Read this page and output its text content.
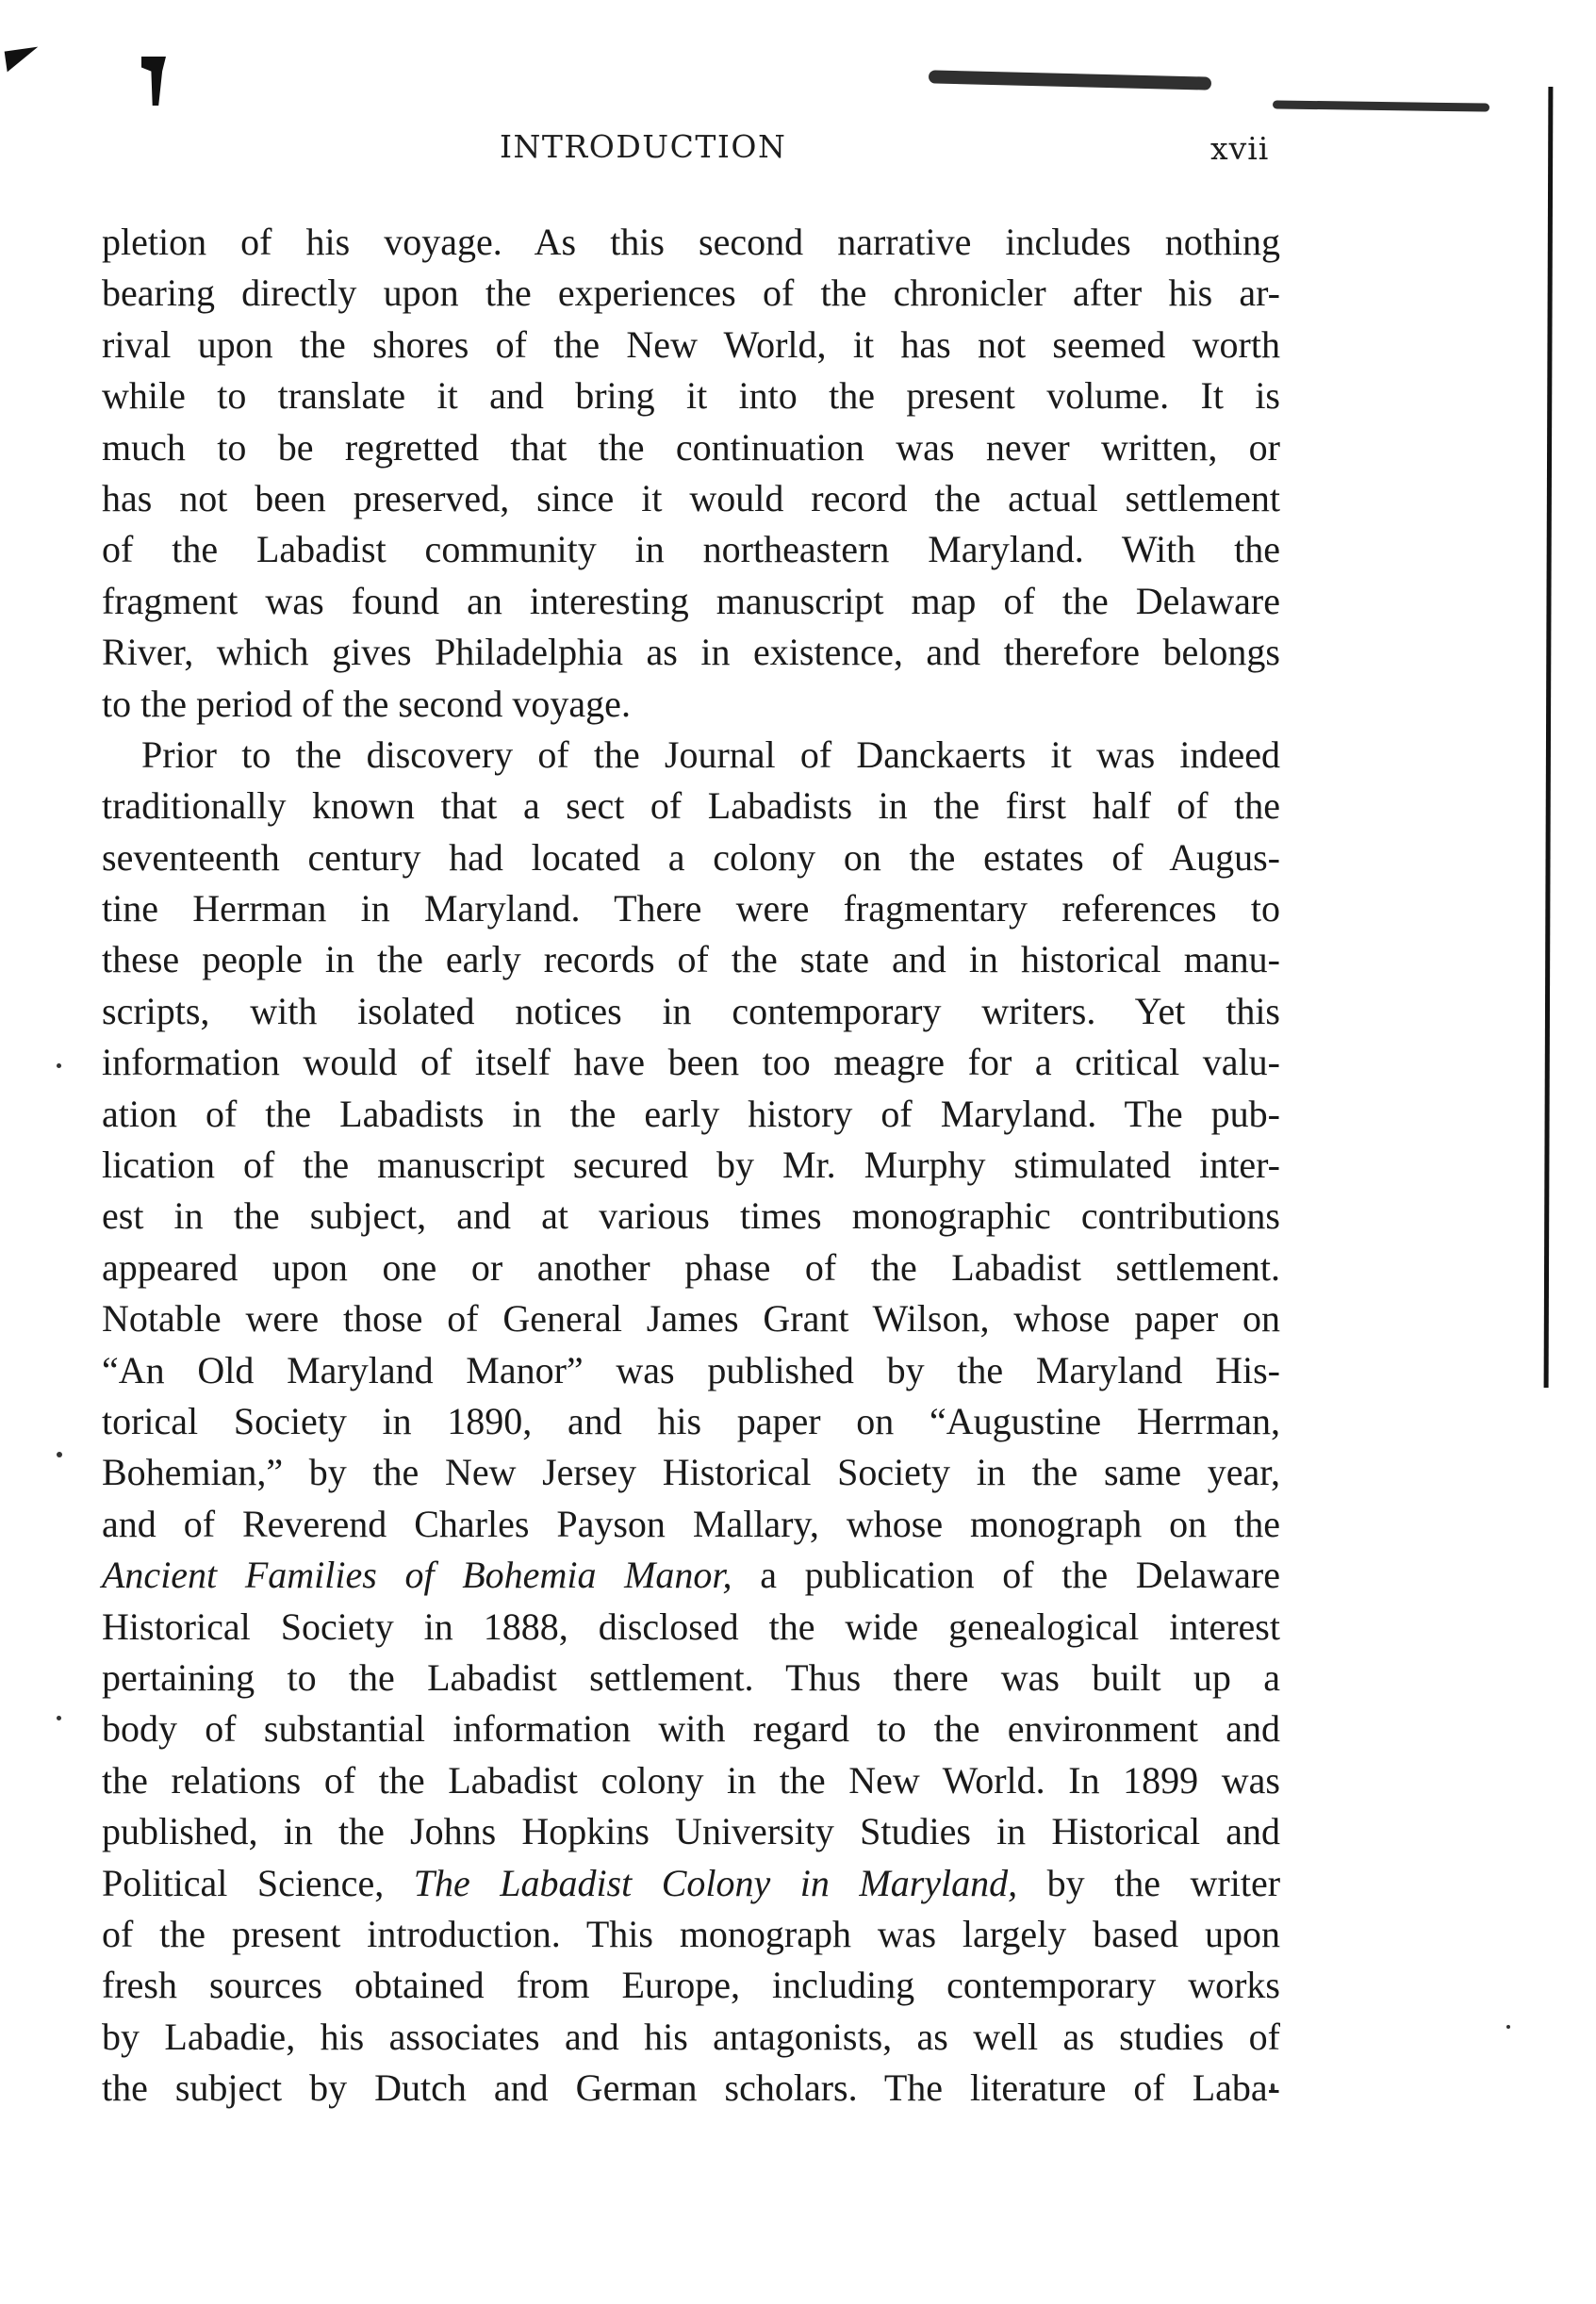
INTRODUCTION	xvii
pletion of his voyage. As this second narrative includes nothing
bearing directly upon the experiences of the chronicler after his ar-
rival upon the shores of the New World, it has not seemed worth
while to translate it and bring it into the present volume. It is
much to be regretted that the continuation was never written, or
has not been preserved, since it would record the actual settlement
of the Labadist community in northeastern Maryland. With the
fragment was found an interesting manuscript map of the Delaware
River, which gives Philadelphia as in existence, and therefore belongs
to the period of the second voyage.
Prior to the discovery of the Journal of Danckaerts it was indeed
traditionally known that a sect of Labadists in the first half of the
seventeenth century had located a colony on the estates of Augus-
tine Herrman in Maryland. There were fragmentary references to
these people in the early records of the state and in historical manu-
scripts, with isolated notices in contemporary writers. Yet this
information would of itself have been too meagre for a critical valu-
ation of the Labadists in the early history of Maryland. The pub-
lication of the manuscript secured by Mr. Murphy stimulated inter-
est in the subject, and at various times monographic contributions
appeared upon one or another phase of the Labadist settlement.
Notable were those of General James Grant Wilson, whose paper on
“An Old Maryland Manor” was published by the Maryland His-
torical Society in 1890, and his paper on “Augustine Herrman,
Bohemian,” by the New Jersey Historical Society in the same year,
and of Reverend Charles Payson Mallary, whose monograph on the
Ancient Families of Bohemia Manor, a publication of the Delaware
Historical Society in 1888, disclosed the wide genealogical interest
pertaining to the Labadist settlement. Thus there was built up a
body of substantial information with regard to the environment and
the relations of the Labadist colony in the New World. In 1899 was
published, in the Johns Hopkins University Studies in Historical and
Political Science, The Labadist Colony in Maryland, by the writer
of the present introduction. This monograph was largely based upon
fresh sources obtained from Europe, including contemporary works
by Labadie, his associates and his antagonists, as well as studies of
the subject by Dutch and German scholars. The literature of Laba-
